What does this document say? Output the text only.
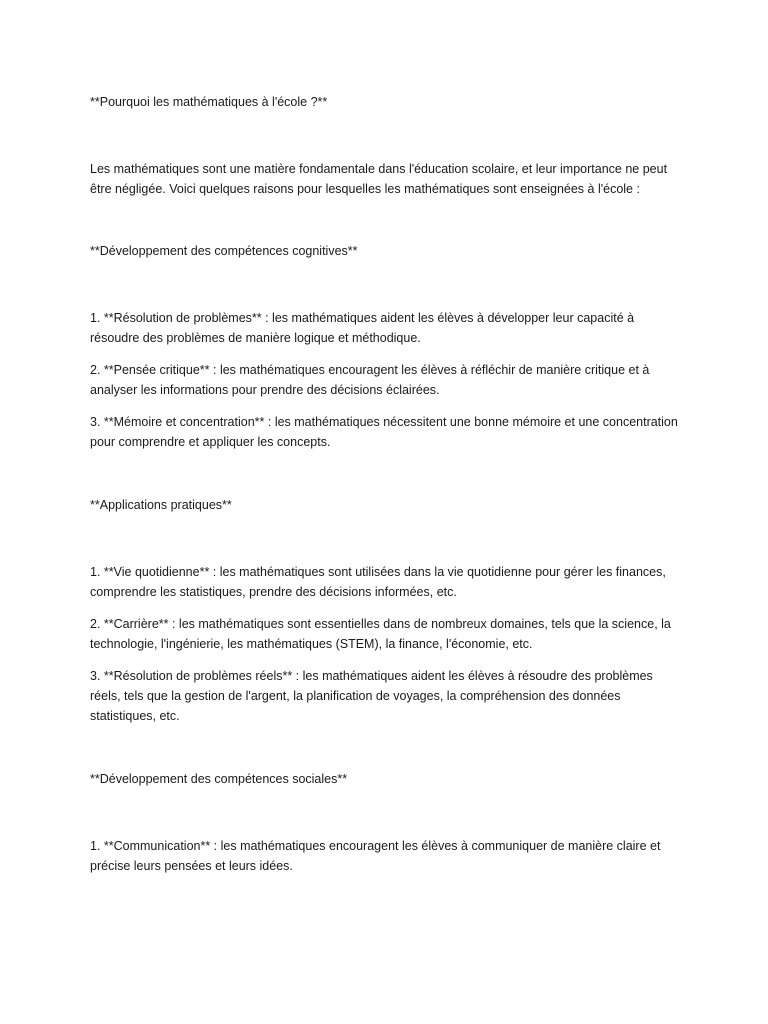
**Pourquoi les mathématiques à l'école ?**

Les mathématiques sont une matière fondamentale dans l'éducation scolaire, et leur importance ne peut être négligée. Voici quelques raisons pour lesquelles les mathématiques sont enseignées à l'école :

**Développement des compétences cognitives**

1. **Résolution de problèmes** : les mathématiques aident les élèves à développer leur capacité à résoudre des problèmes de manière logique et méthodique.

2. **Pensée critique** : les mathématiques encouragent les élèves à réfléchir de manière critique et à analyser les informations pour prendre des décisions éclairées.

3. **Mémoire et concentration** : les mathématiques nécessitent une bonne mémoire et une concentration pour comprendre et appliquer les concepts.

**Applications pratiques**

1. **Vie quotidienne** : les mathématiques sont utilisées dans la vie quotidienne pour gérer les finances, comprendre les statistiques, prendre des décisions informées, etc.

2. **Carrière** : les mathématiques sont essentielles dans de nombreux domaines, tels que la science, la technologie, l'ingénierie, les mathématiques (STEM), la finance, l'économie, etc.

3. **Résolution de problèmes réels** : les mathématiques aident les élèves à résoudre des problèmes réels, tels que la gestion de l'argent, la planification de voyages, la compréhension des données statistiques, etc.

**Développement des compétences sociales**

1. **Communication** : les mathématiques encouragent les élèves à communiquer de manière claire et précise leurs pensées et leurs idées.
